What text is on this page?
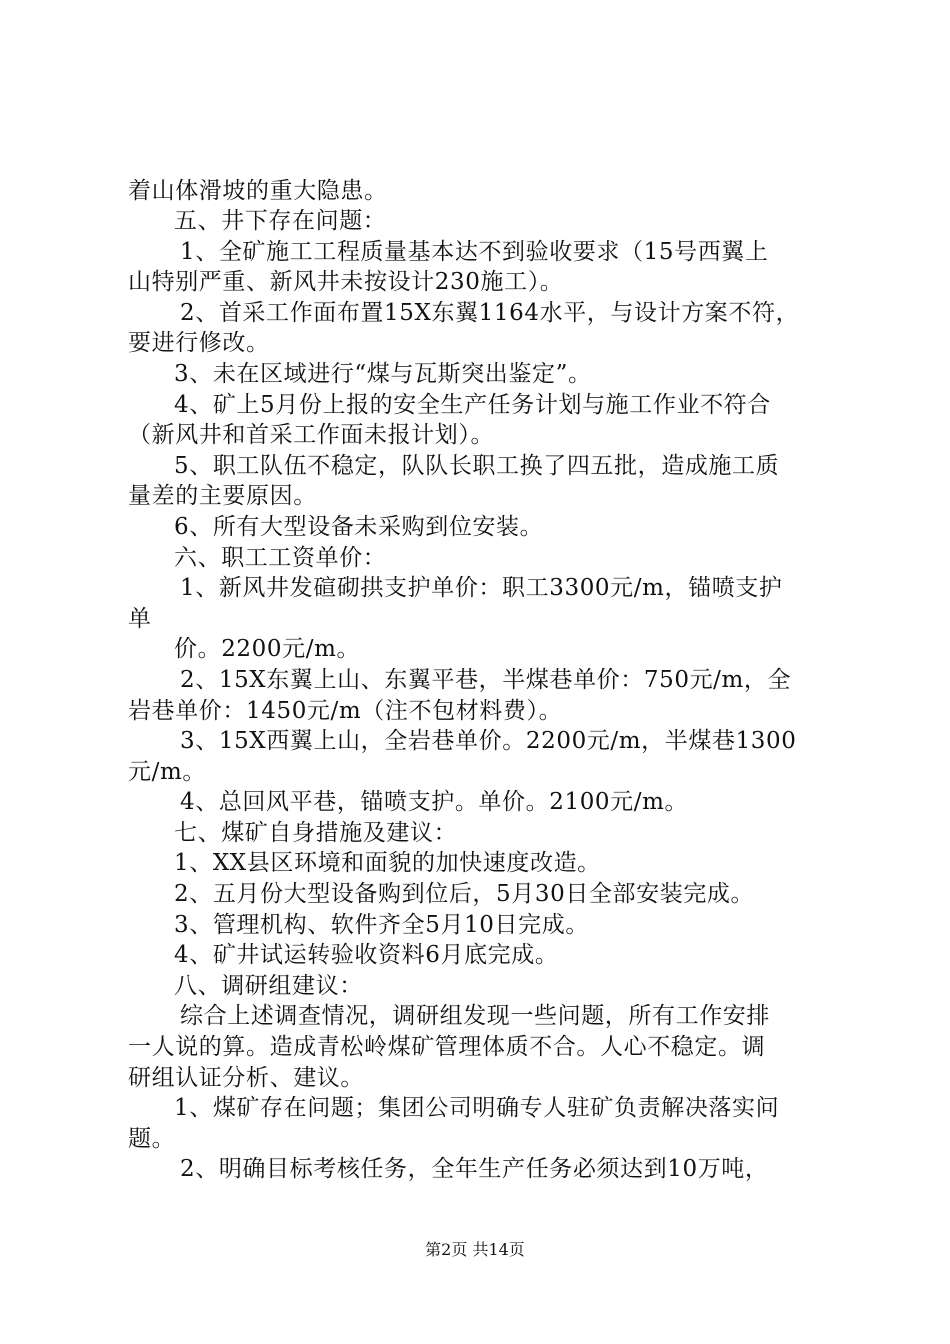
着山体滑坡的重大隐患。
五、井下存在问题：
1、全矿施工工程质量基本达不到验收要求（15号西翼上
山特别严重、新风井未按设计230施工）。
2、首采工作面布置15X东翼1164水平，与设计方案不符，
要进行修改。
3、未在区域进行“煤与瓦斯突出鉴定”。
4、矿上5月份上报的安全生产任务计划与施工作业不符合
（新风井和首采工作面未报计划）。
5、职工队伍不稳定，队队长职工换了四五批，造成施工质
量差的主要原因。
6、所有大型设备未采购到位安装。
六、职工工资单价：
1、新风井发碹砌拱支护单价：职工3300元/m，锚喷支护
单
价。2200元/m。
2、15X东翼上山、东翼平巷，半煤巷单价：750元/m，全
岩巷单价：1450元/m（注不包材料费）。
3、15X西翼上山，全岩巷单价。2200元/m，半煤巷1300
元/m。
4、总回风平巷，锚喷支护。单价。2100元/m。
七、煤矿自身措施及建议：
1、XX县区环境和面貌的加快速度改造。
2、五月份大型设备购到位后，5月30日全部安装完成。
3、管理机构、软件齐全5月10日完成。
4、矿井试运转验收资料6月底完成。
八、调研组建议：
综合上述调查情况，调研组发现一些问题，所有工作安排
一人说的算。造成青松岭煤矿管理体质不合。人心不稳定。调
研组认证分析、建议。
1、煤矿存在问题；集团公司明确专人驻矿负责解决落实问
题。
2、明确目标考核任务，全年生产任务必须达到10万吨，
第2页 共14页
